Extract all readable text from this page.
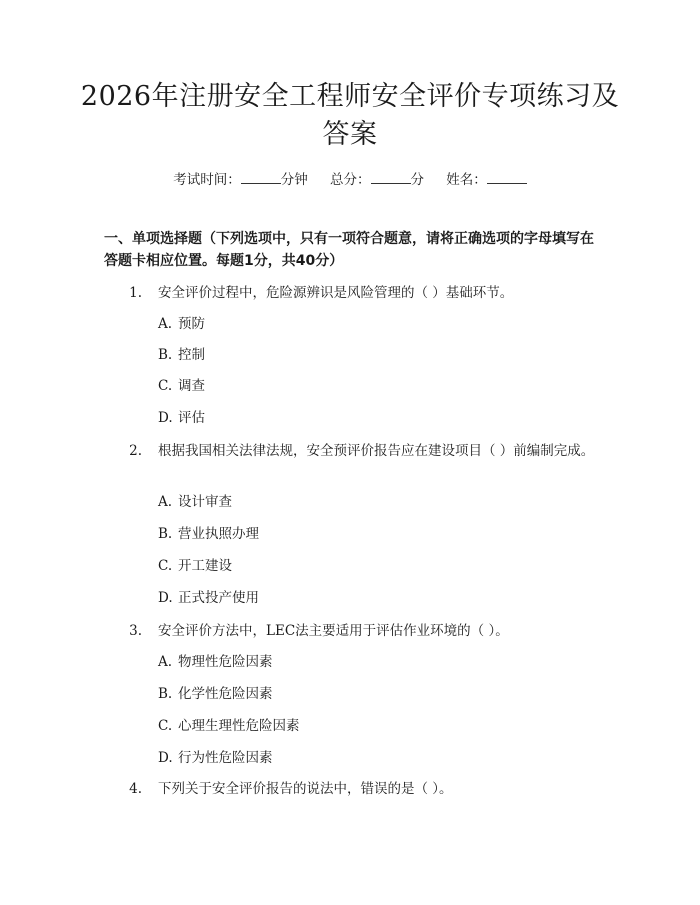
2026年注册安全工程师安全评价专项练习及答案
考试时间：	分钟 总分：	分 姓名：

一、单项选择题（下列选项中，只有一项符合题意，请将正确选项的字母填写在答题卡相应位置。每题1分，共40分）

1. 安全评价过程中，危险源辨识是风险管理的（ ）基础环节。

A. 预防

B. 控制

C. 调查

D. 评估

2. 根据我国相关法律法规，安全预评价报告应在建设项目（ ）前编制完成。

A. 设计审查

B. 营业执照办理

C. 开工建设

D. 正式投产使用

3. 安全评价方法中，LEC法主要适用于评估作业环境的（ ）。

A. 物理性危险因素

B. 化学性危险因素

C. 心理生理性危险因素

D. 行为性危险因素

4. 下列关于安全评价报告的说法中，错误的是（ ）。
